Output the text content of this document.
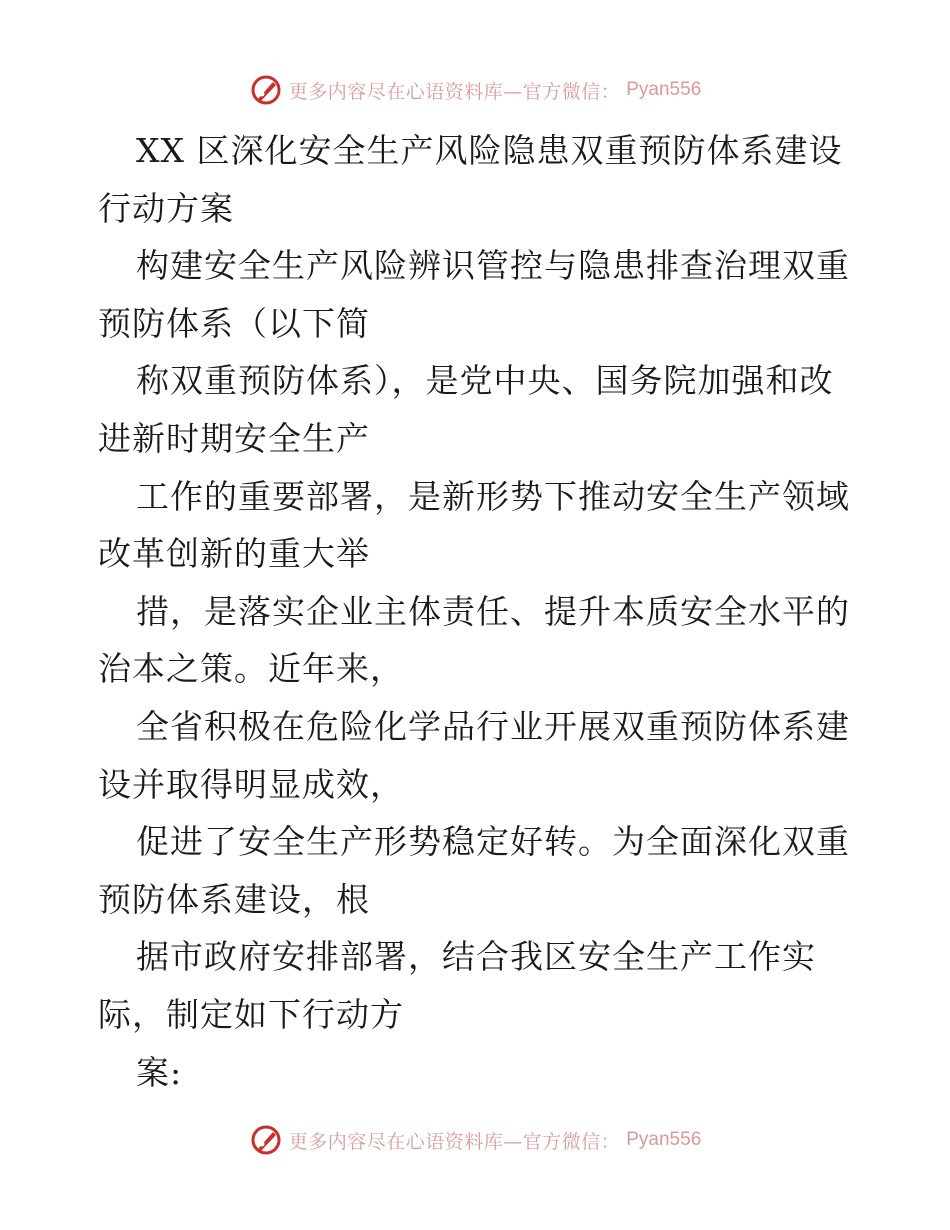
更多内容尽在心语资料库—官方微信： Pyan556
XX 区深化安全生产风险隐患双重预防体系建设
行动方案
构建安全生产风险辨识管控与隐患排查治理双重
预防体系（以下简
称双重预防体系），是党中央、国务院加强和改
进新时期安全生产
工作的重要部署，是新形势下推动安全生产领域
改革创新的重大举
措，是落实企业主体责任、提升本质安全水平的
治本之策。近年来，
全省积极在危险化学品行业开展双重预防体系建
设并取得明显成效，
促进了安全生产形势稳定好转。为全面深化双重
预防体系建设，根
据市政府安排部署，结合我区安全生产工作实
际，制定如下行动方
案:
更多内容尽在心语资料库—官方微信： Pyan556
